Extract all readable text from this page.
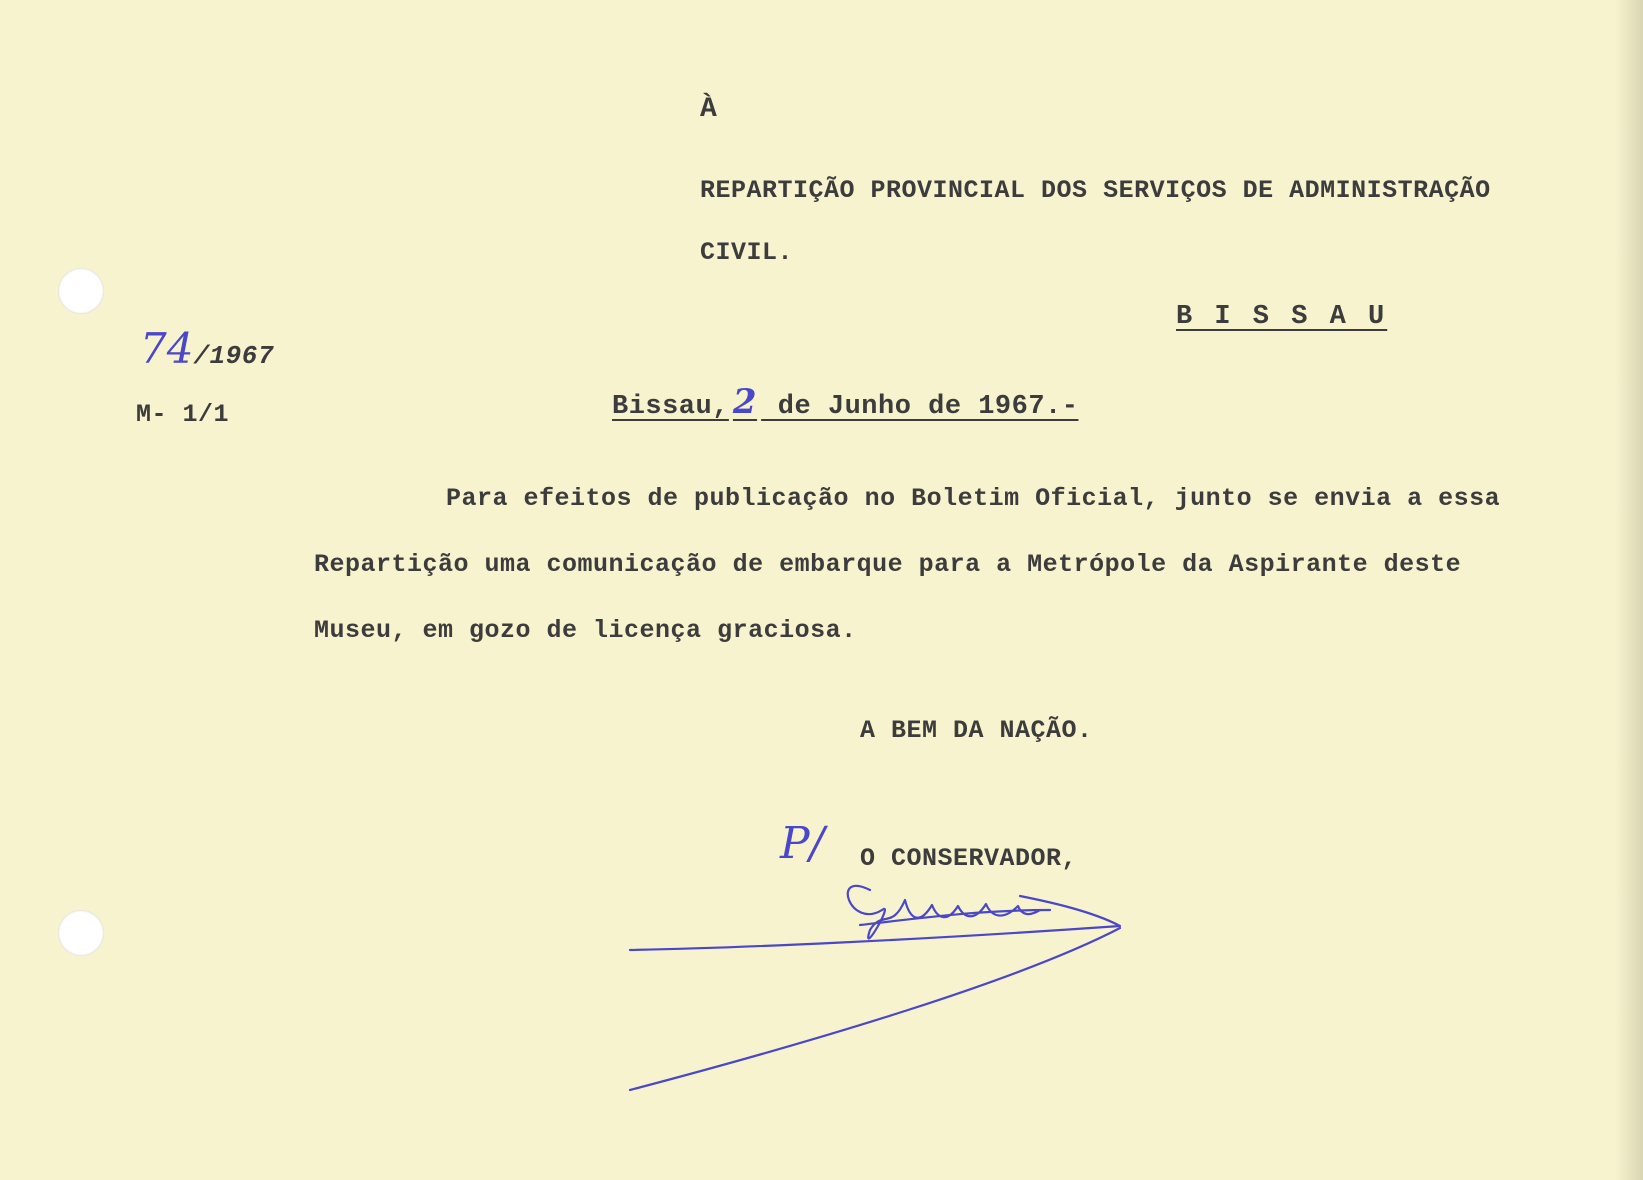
À
REPARTIÇÃO PROVINCIAL DOS SERVIÇOS DE ADMINISTRAÇÃO
CIVIL.
B I S S A U
74/1967
M- 1/1	Bissau, 2 de Junho de 1967.-
Para efeitos de publicação no Boletim Oficial, junto se envia a essa
Repartição uma comunicação de embarque para a Metrópole da Aspirante deste
Museu, em gozo de licença graciosa.
A BEM DA NAÇÃO.
P/ O CONSERVADOR,
